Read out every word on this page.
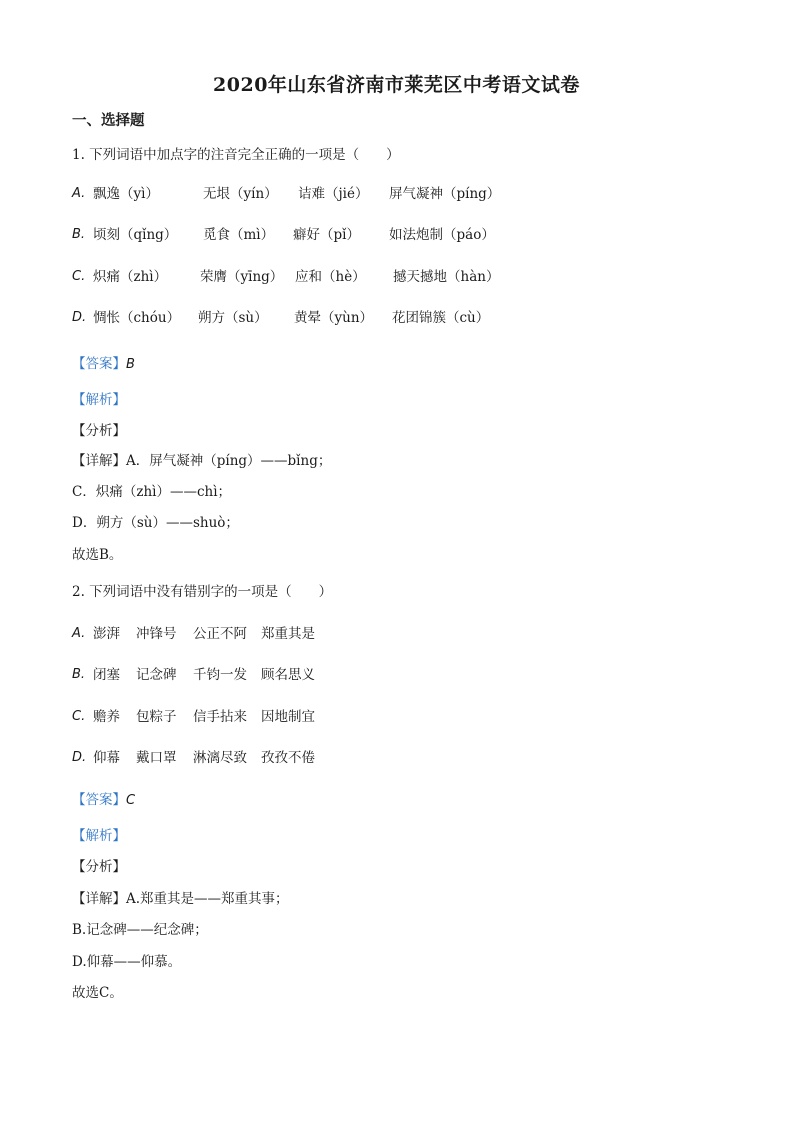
2020年山东省济南市莱芜区中考语文试卷
一、选择题
1. 下列词语中加点字的注音完全正确的一项是（　　）
A. 飘逸（yì）	无垠（yín） 诘难（jié） 屏气凝神（píng）
B. 顷刻（qǐng） 觅食（mì） 癖好（pǐ） 如法炮制（páo）
C. 炽痛（zhì） 荣膺（yīng） 应和（hè） 撼天撼地（hàn）
D. 惆怅（chóu） 朔方（sù） 黄晕（yùn） 花团锦簇（cù）
【答案】B
【解析】
【分析】
【详解】A．屏气凝神（píng）——bǐng；
C．炽痛（zhì）——chì；
D．朔方（sù）——shuò；
故选B。
2. 下列词语中没有错别字的一项是（　　）
A. 澎湃 冲锋号 公正不阿 郑重其是
B. 闭塞 记念碑 千钧一发 顾名思义
C. 赡养 包粽子 信手拈来 因地制宜
D. 仰幕 戴口罩 淋漓尽致 孜孜不倦
【答案】C
【解析】
【分析】
【详解】A.郑重其是——郑重其事；
B.记念碑——纪念碑；
D.仰幕——仰慕。
故选C。
